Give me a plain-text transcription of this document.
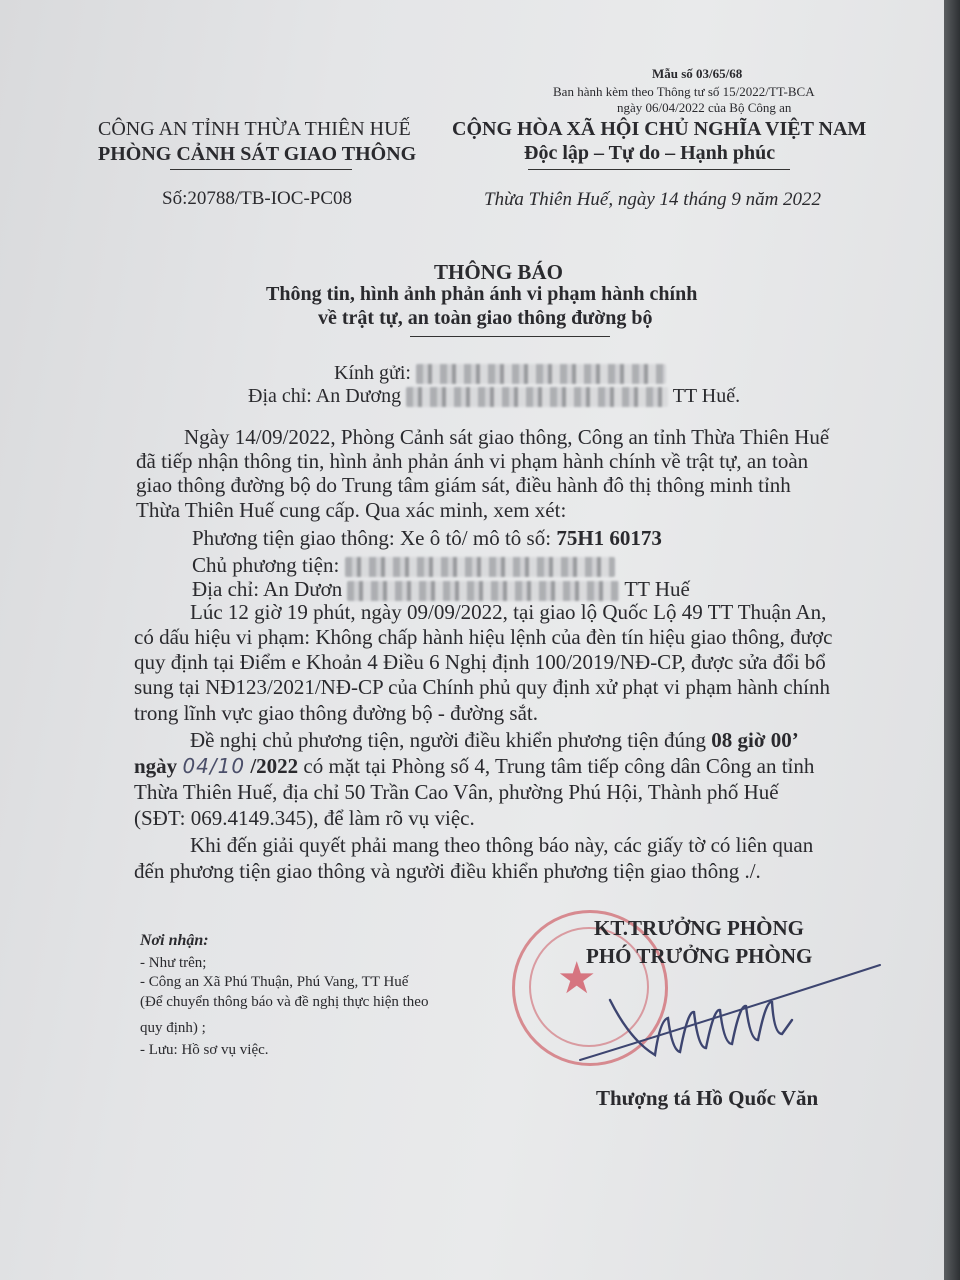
Mẫu số 03/65/68
Ban hành kèm theo Thông tư số 15/2022/TT-BCA
ngày 06/04/2022 của Bộ Công an
CÔNG AN TỈNH THỪA THIÊN HUẾ
PHÒNG CẢNH SÁT GIAO THÔNG
Số:20788/TB-IOC-PC08
CỘNG HÒA XÃ HỘI CHỦ NGHĨA VIỆT NAM
Độc lập – Tự do – Hạnh phúc
Thừa Thiên Huế, ngày 14 tháng 9 năm 2022
THÔNG BÁO
Thông tin, hình ảnh phản ánh vi phạm hành chính
về trật tự, an toàn giao thông đường bộ
Kính gửi:
Địa chỉ: An Dương	TT Huế.
Ngày 14/09/2022, Phòng Cảnh sát giao thông, Công an tỉnh Thừa Thiên Huế
đã tiếp nhận thông tin, hình ảnh phản ánh vi phạm hành chính về trật tự, an toàn
giao thông đường bộ do Trung tâm giám sát, điều hành đô thị thông minh tỉnh
Thừa Thiên Huế cung cấp. Qua xác minh, xem xét:
Phương tiện giao thông: Xe ô tô/ mô tô số: 75H1 60173
Chủ phương tiện:
Địa chỉ: An Dươn	TT Huế
Lúc 12 giờ 19 phút, ngày 09/09/2022, tại giao lộ Quốc Lộ 49 TT Thuận An,
có dấu hiệu vi phạm: Không chấp hành hiệu lệnh của đèn tín hiệu giao thông, được
quy định tại Điểm e Khoản 4 Điều 6 Nghị định 100/2019/NĐ-CP, được sửa đổi bổ
sung tại NĐ123/2021/NĐ-CP của Chính phủ quy định xử phạt vi phạm hành chính
trong lĩnh vực giao thông đường bộ - đường sắt.
Đề nghị chủ phương tiện, người điều khiển phương tiện đúng 08 giờ 00’
ngày 04/10 /2022 có mặt tại Phòng số 4, Trung tâm tiếp công dân Công an tỉnh
Thừa Thiên Huế, địa chỉ 50 Trần Cao Vân, phường Phú Hội, Thành phố Huế
(SĐT: 069.4149.345), để làm rõ vụ việc.
Khi đến giải quyết phải mang theo thông báo này, các giấy tờ có liên quan
đến phương tiện giao thông và người điều khiển phương tiện giao thông ./.
Nơi nhận:
- Như trên;
- Công an Xã Phú Thuận, Phú Vang, TT Huế
(Để chuyển thông báo và đề nghị thực hiện theo
quy định) ;
- Lưu: Hồ sơ vụ việc.
★
KT.TRƯỞNG PHÒNG
PHÓ TRƯỞNG PHÒNG
Thượng tá Hồ Quốc Văn
